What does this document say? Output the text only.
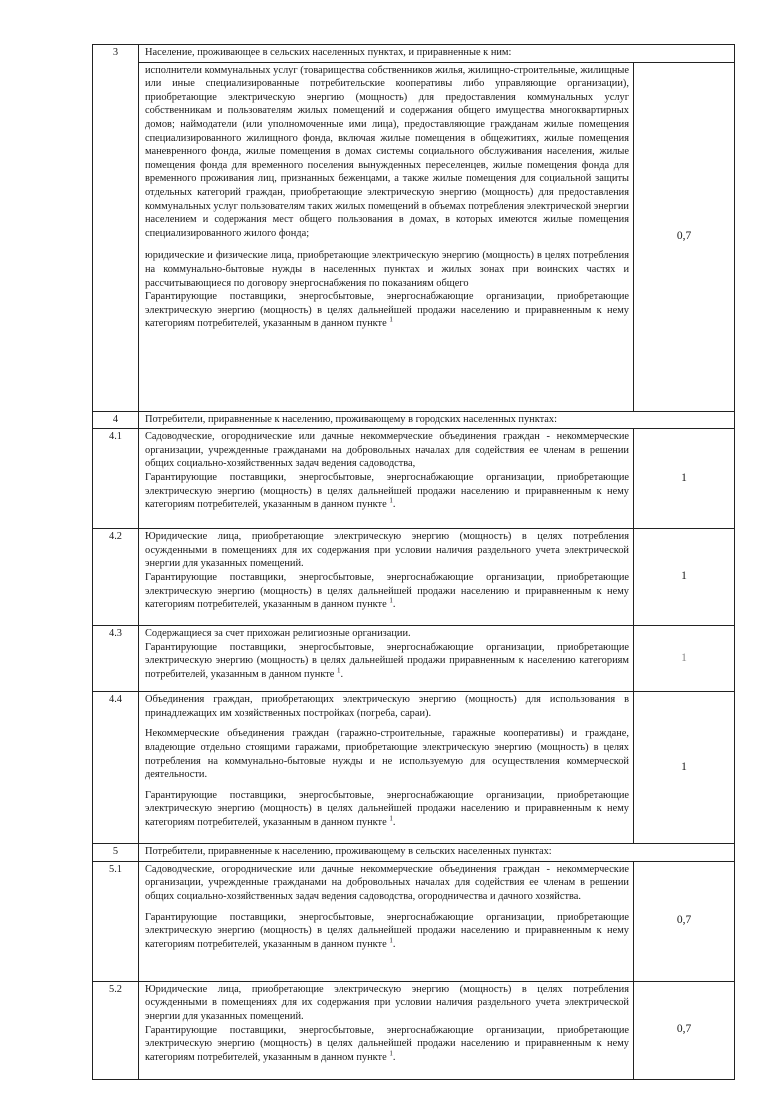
3	Население, проживающее в сельских населенных пунктах, и приравненные к ним:	

	исполнители коммунальных услуг (товарищества собственников жилья, жилищно-строительные, жилищные или иные специализированные потребительские кооперативы либо управляющие организации), приобретающие электрическую энергию (мощность) для предоставления коммунальных услуг собственникам и пользователям жилых помещений и содержания общего имущества многоквартирных домов; наймодатели (или уполномоченные ими лица), предоставляющие гражданам жилые помещения специализированного жилищного фонда, включая жилые помещения в общежитиях, жилые помещения маневренного фонда, жилые помещения в домах системы социального обслуживания населения, жилые помещения фонда для временного поселения вынужденных переселенцев, жилые помещения фонда для временного проживания лиц, признанных беженцами, а также жилые помещения для социальной защиты отдельных категорий граждан, приобретающие электрическую энергию (мощность) для предоставления коммунальных услуг пользователям таких жилых помещений в объемах потребления электрической энергии населением и содержания мест общего пользования в домах, в которых имеются жилые помещения специализированного жилого фонда;

юридические и физические лица, приобретающие электрическую энергию (мощность) в целях потребления на коммунально-бытовые нужды в населенных пунктах и жилых зонах при воинских частях и рассчитывающиеся по договору энергоснабжения по показаниям общего

Гарантирующие поставщики, энергосбытовые, энергоснабжающие организации, приобретающие электрическую энергию (мощность) в целях дальнейшей продажи населению и приравненным к нему категориям потребителей, указанным в данном пункте $^1$	0,7
4	Потребители, приравненные к населению, проживающему в городских населенных пунктах:	

4.1	Садоводческие, огороднические или дачные некоммерческие объединения граждан - некоммерческие организации, учрежденные гражданами на добровольных началах для содействия ее членам в решении общих социально-хозяйственных задач ведения садоводства,

Гарантирующие поставщики, энергосбытовые, энергоснабжающие организации, приобретающие электрическую энергию (мощность) в целях дальнейшей продажи населению и приравненным к нему категориям потребителей, указанным в данном пункте $^1$.	1
4.2	Юридические лица, приобретающие электрическую энергию (мощность) в целях потребления осужденными в помещениях для их содержания при условии наличия раздельного учета электрической энергии для указанных помещений.

Гарантирующие поставщики, энергосбытовые, энергоснабжающие организации, приобретающие электрическую энергию (мощность) в целях дальнейшей продажи населению и приравненным к нему категориям потребителей, указанным в данном пункте $^1$.	1
4.3	Содержащиеся за счет прихожан религиозные организации.

Гарантирующие поставщики, энергосбытовые, энергоснабжающие организации, приобретающие электрическую энергию (мощность) в целях дальнейшей продажи приравненным к населению категориям потребителей, указанным в данном пункте $^1$.	1
4.4	Объединения граждан, приобретающих электрическую энергию (мощность) для использования в принадлежащих им хозяйственных постройках (погреба, сараи).

Некоммерческие объединения граждан (гаражно-строительные, гаражные кооперативы) и граждане, владеющие отдельно стоящими гаражами, приобретающие электрическую энергию (мощность) в целях потребления на коммунально-бытовые нужды и не используемую для осуществления коммерческой деятельности.

Гарантирующие поставщики, энергосбытовые, энергоснабжающие организации, приобретающие электрическую энергию (мощность) в целях дальнейшей продажи населению и приравненным к нему категориям потребителей, указанным в данном пункте $^1$.	1
5	Потребители, приравненные к населению, проживающему в сельских населенных пунктах:	

5.1	Садоводческие, огороднические или дачные некоммерческие объединения граждан - некоммерческие организации, учрежденные гражданами на добровольных началах для содействия ее членам в решении общих социально-хозяйственных задач ведения садоводства, огородничества и дачного хозяйства.

Гарантирующие поставщики, энергосбытовые, энергоснабжающие организации, приобретающие электрическую энергию (мощность) в целях дальнейшей продажи населению и приравненным к нему категориям потребителей, указанным в данном пункте $^1$.	0,7
5.2	Юридические лица, приобретающие электрическую энергию (мощность) в целях потребления осужденными в помещениях для их содержания при условии наличия раздельного учета электрической энергии для указанных помещений.

Гарантирующие поставщики, энергосбытовые, энергоснабжающие организации, приобретающие электрическую энергию (мощность) в целях дальнейшей продажи населению и приравненным к нему категориям потребителей, указанным в данном пункте $^1$.	0,7
